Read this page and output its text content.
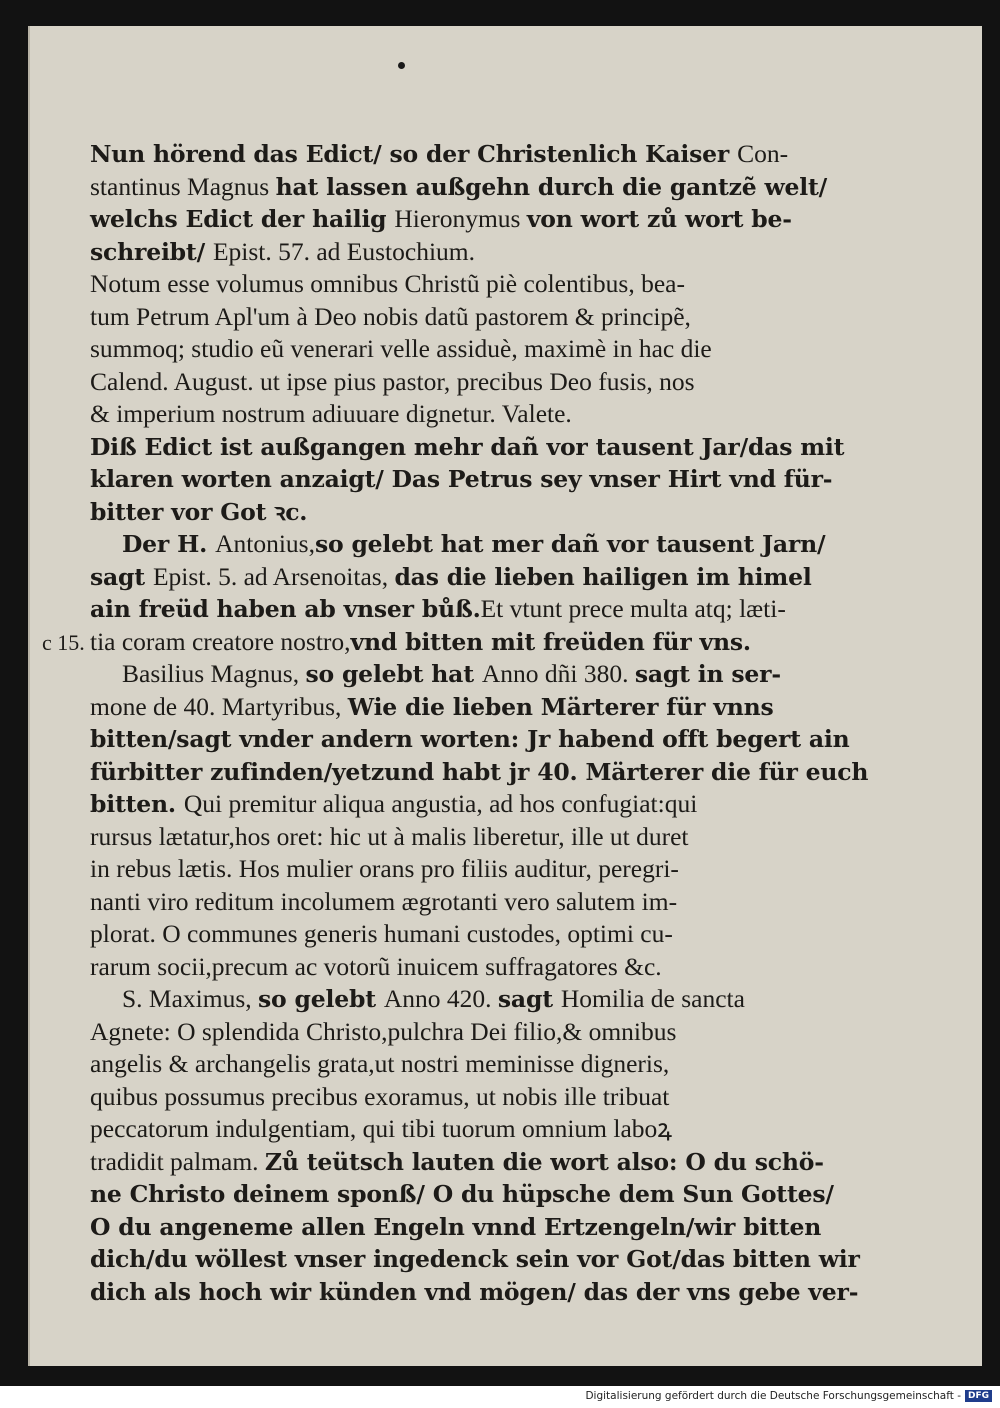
c 15.
Nun hörend das Edict/ so der Christenlich Kaiser Con-
stantinus Magnus hat lassen außgehn durch die gantzẽ welt/
welchs Edict der hailig Hieronymus von wort zů wort be-
schreibt/ Epist. 57. ad Eustochium.
Notum esse volumus omnibus Christũ piè colentibus, bea-
tum Petrum Apl'um à Deo nobis datũ pastorem & principẽ,
summoq; studio eũ venerari velle assiduè, maximè in hac die
Calend. August. ut ipse pius pastor, precibus Deo fusis, nos
& imperium nostrum adiuuare dignetur. Valete.
Diß Edict ist außgangen mehr dañ vor tausent Jar/das mit
klaren worten anzaigt/ Das Petrus sey vnser Hirt vnd für-
bitter vor Got ꝛc.
Der H. Antonius,so gelebt hat mer dañ vor tausent Jarn/
sagt Epist. 5. ad Arsenoitas, das die lieben hailigen im himel
ain freüd haben ab vnser bůß.Et vtunt prece multa atq; læti-
tia coram creatore nostro,vnd bitten mit freüden für vns.
Basilius Magnus, so gelebt hat Anno dñi 380. sagt in ser-
mone de 40. Martyribus, Wie die lieben Märterer für vnns
bitten/sagt vnder andern worten: Jr habend offt begert ain
fürbitter zufinden/yetzund habt jr 40. Märterer die für euch
bitten. Qui premitur aliqua angustia, ad hos confugiat:qui
rursus lætatur,hos oret: hic ut à malis liberetur, ille ut duret
in rebus lætis. Hos mulier orans pro filiis auditur, peregri-
nanti viro reditum incolumem ægrotanti vero salutem im-
plorat. O communes generis humani custodes, optimi cu-
rarum socii,precum ac votorũ inuicem suffragatores &c.
S. Maximus, so gelebt Anno 420. sagt Homilia de sancta
Agnete: O splendida Christo,pulchra Dei filio,& omnibus
angelis & archangelis grata,ut nostri meminisse digneris,
quibus possumus precibus exoramus, ut nobis ille tribuat
peccatorum indulgentiam, qui tibi tuorum omnium laboꝝ
tradidit palmam. Zů teütsch lauten die wort also: O du schö-
ne Christo deinem sponß/ O du hüpsche dem Sun Gottes/
O du angeneme allen Engeln vnnd Ertzengeln/wir bitten
dich/du wöllest vnser ingedenck sein vor Got/das bitten wir
dich als hoch wir künden vnd mögen/ das der vns gebe ver-
Digitalisierung gefördert durch die Deutsche Forschungsgemeinschaft - DFG
